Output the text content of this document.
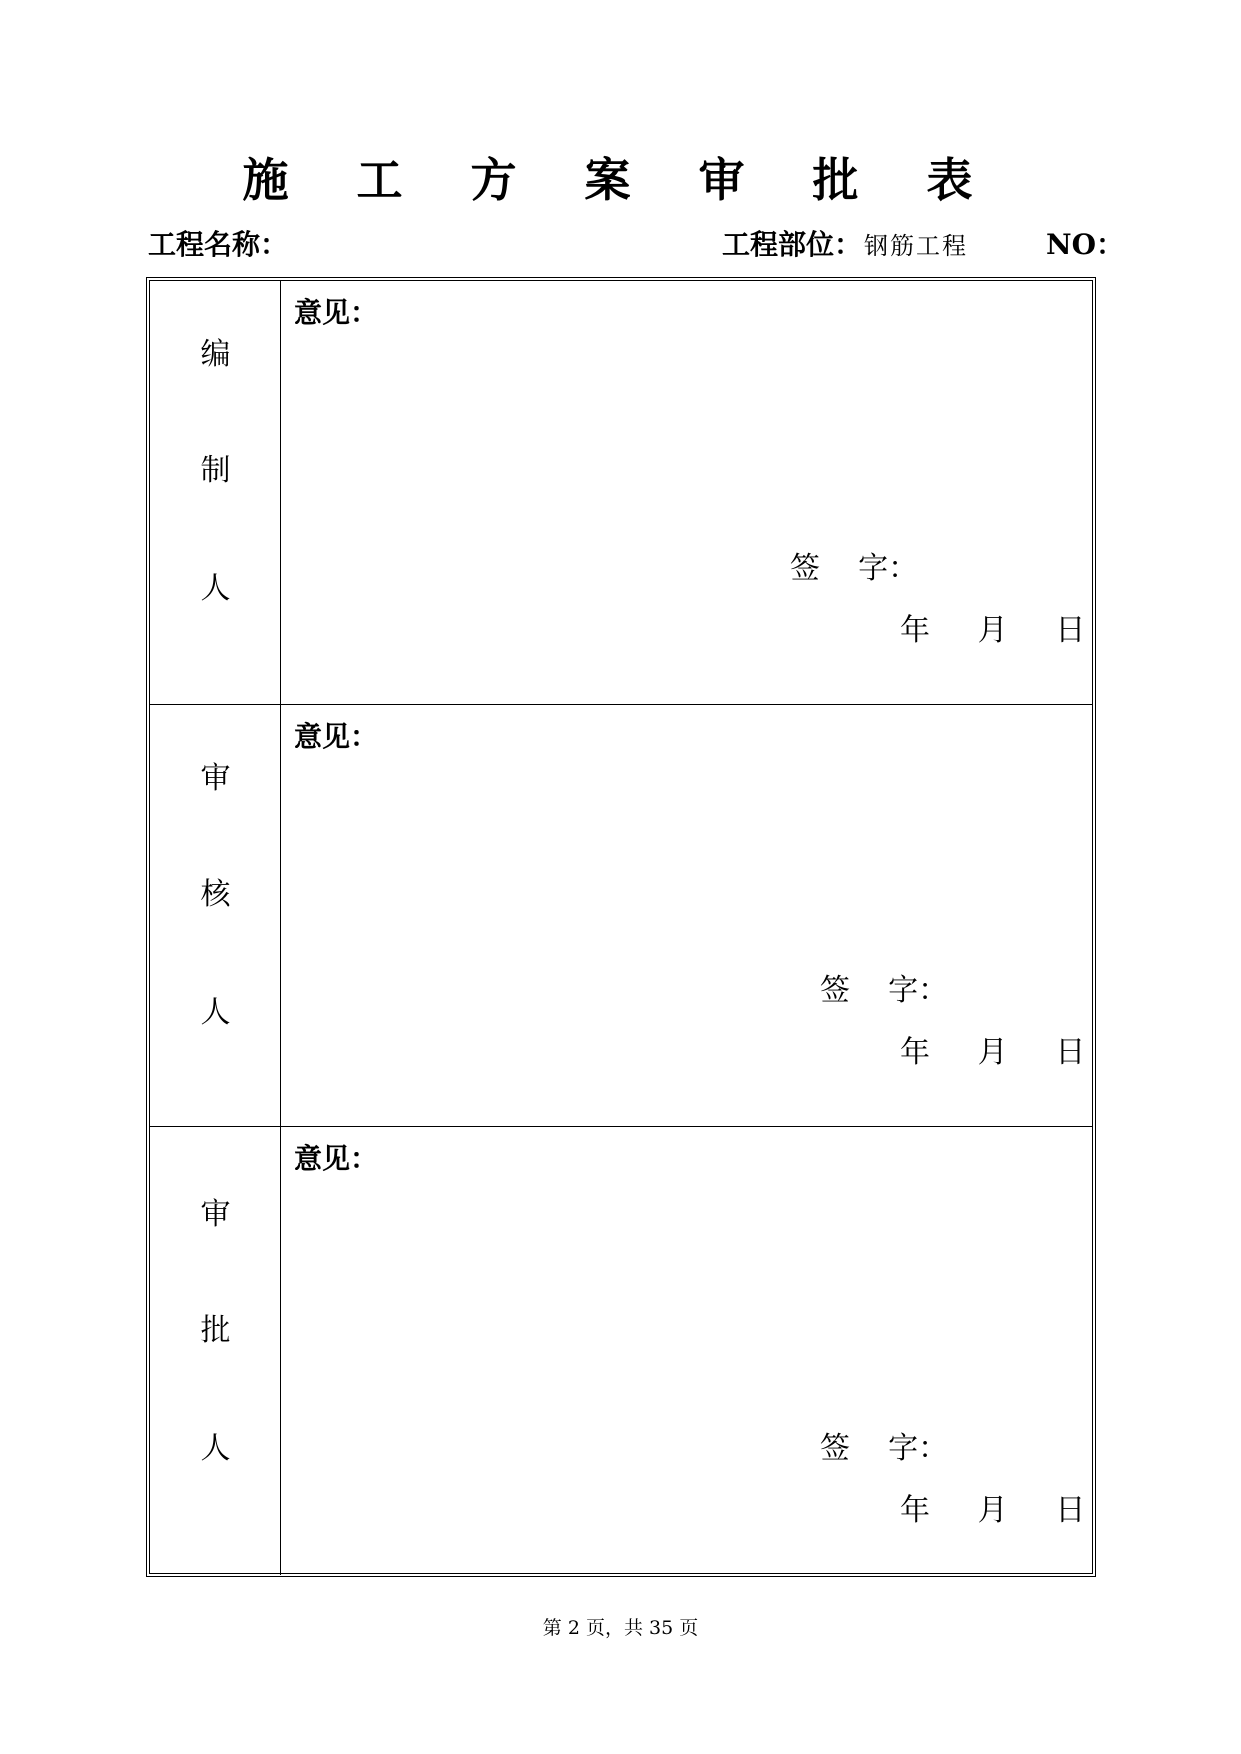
施 工 方 案 审 批 表
工程名称：	工程部位：钢筋工程	NO：
编
制
人
意见：
签    字：
年     月     日
审
核
人
意见：
签    字：
年     月     日
审
批
人
意见：
签    字：
年     月     日
第 2 页，共 35 页
